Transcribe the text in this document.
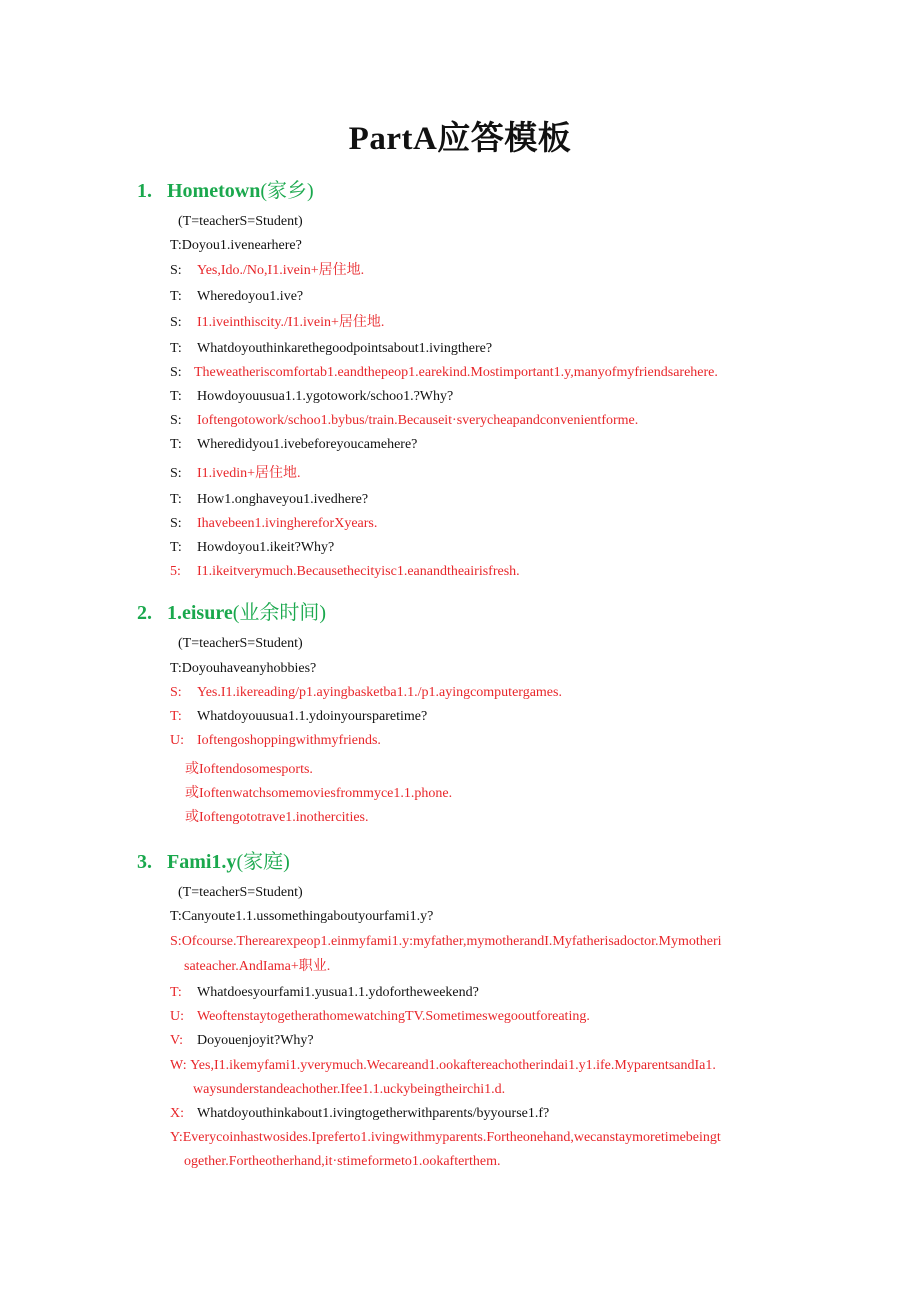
PartA应答模板
1. Hometown(家乡)
(T=teacherS=Student)
T:Doyou1.ivenearhere?
S: Yes,Ido./No,I1.ivein+居住地.
T: Wheredoyou1.ive?
S: I1.iveinthiscity./I1.ivein+居住地.
T: Whatdoyouthinkarethegoodpointsabout1.ivingthere?
S: Theweatheriscomfortab1.eandthepeop1.earekind.Mostimportant1.y,manyofmyfriendsarehere.
T: Howdoyouusua1.1.ygotowork/schoo1.?Why?
S: Ioftengotowork/schoo1.bybus/train.Becauseit·sverycheapandconvenientforme.
T: Wheredidyou1.ivebeforeyoucamehere?
S: I1.ivedin+居住地.
T: How1.onghaveyou1.ivedhere?
S: Ihavebeen1.ivinghereforXyears.
T: Howdoyou1.ikeit?Why?
5: I1.ikeitverymuch.Becausethecityisc1.eanandtheairisfresh.
2. 1.eisure(业余时间)
(T=teacherS=Student)
T:Doyouhaveanyhobbies?
S: Yes.I1.ikereading/p1.ayingbasketba1.1./p1.ayingcomputergames.
T: Whatdoyouusua1.1.ydoinyoursparetime?
U: Ioftengoshoppingwithmyfriends.
或Ioftendosomesports.
或Ioftenwatchsomemoviesfrommyce1.1.phone.
或Ioftengototrave1.inothercities.
3. Fami1.y(家庭)
(T=teacherS=Student)
T:Canyoute1.1.ussomethingaboutyourfami1.y?
S:Ofcourse.Therearexpeop1.einmyfami1.y:myfather,mymotherandI.Myfatherisadoctor.Mymotheri
sateacher.AndIama+职业.
T: Whatdoesyourfami1.yusua1.1.ydofortheweekend?
U: WeoftenstaytogetherathomewatchingTV.Sometimeswegooutforeating.
V: Doyouenjoyit?Why?
W: Yes,I1.ikemyfami1.yverymuch.Wecareand1.ookaftereachotherindai1.y1.ife.MyparentsandIa1.
waysunderstandeachother.Ifee1.1.uckybeingtheirchi1.d.
X: Whatdoyouthinkabout1.ivingtogetherwithparents/byyourse1.f?
Y:Everycoinhastwosides.Ipreferto1.ivingwithmyparents.Fortheonehand,wecanstaymoretimebeingt
ogether.Fortheotherhand,it·stimeformeto1.ookafterthem.
